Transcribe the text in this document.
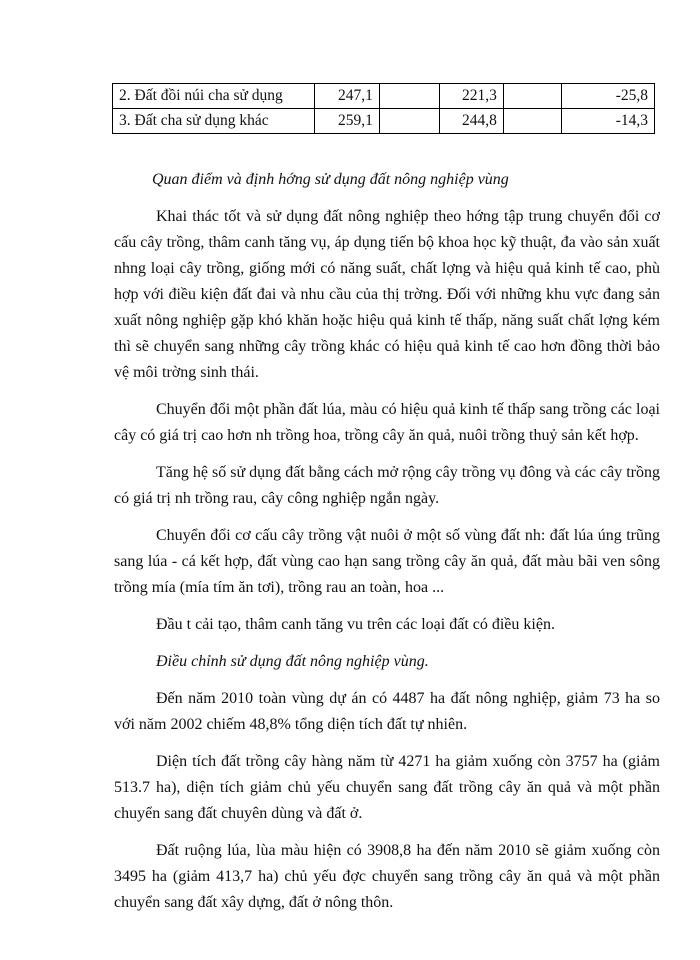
2. Đất đồi núi cha sử dụng	247,1		221,3		-25,8
3. Đất cha sử dụng khác	259,1		244,8		-14,3

Quan điểm và định hớng sử dụng đất nông nghiệp vùng

Khai thác tốt và sử dụng đất nông nghiệp theo hớng tập trung chuyển đổi cơ cấu cây trồng, thâm canh tăng vụ, áp dụng tiến bộ khoa học kỹ thuật, đa vào sản xuất nhng loại cây trồng, giống mới có năng suất, chất lợng và hiệu quả kinh tế cao, phù hợp với điều kiện đất đai và nhu cầu của thị trờng. Đối với những khu vực đang sản xuất nông nghiệp gặp khó khăn hoặc hiệu quả kinh tế thấp, năng suất chất lợng kém thì sẽ chuyển sang những cây trồng khác có hiệu quả kinh tế cao hơn đồng thời bảo vệ môi trờng sinh thái.

Chuyển đổi một phần đất lúa, màu có hiệu quả kinh tế thấp sang trồng các loại cây có giá trị cao hơn nh trồng hoa, trồng cây ăn quả, nuôi trồng thuỷ sản kết hợp.

Tăng hệ số sử dụng đất bằng cách mở rộng cây trồng vụ đông và các cây trồng có giá trị nh trồng rau, cây công nghiệp ngắn ngày.

Chuyển đổi cơ cấu cây trồng vật nuôi ở một số vùng đất nh: đất lúa úng trũng sang lúa - cá kết hợp, đất vùng cao hạn sang trồng cây ăn quả, đất màu bãi ven sông trồng mía (mía tím ăn tơi), trồng rau an toàn, hoa ...

Đầu t cải tạo, thâm canh tăng vu trên các loại đất có điều kiện.

Điều chỉnh sử dụng đất nông nghiệp vùng.

Đến năm 2010 toàn vùng dự án có 4487 ha đất nông nghiệp, giảm 73 ha so với năm 2002 chiếm 48,8% tổng diện tích đất tự nhiên.

Diện tích đất trồng cây hàng năm từ 4271 ha giảm xuống còn 3757 ha (giảm 513.7 ha), diện tích giảm chủ yếu chuyển sang đất trồng cây ăn quả và một phần chuyển sang đất chuyên dùng và đất ở.

Đất ruộng lúa, lùa màu hiện có 3908,8 ha đến năm 2010 sẽ giảm xuống còn 3495 ha (giảm 413,7 ha) chủ yếu đợc chuyển sang trồng cây ăn quả và một phần chuyển sang đất xây dựng, đất ở nông thôn.
